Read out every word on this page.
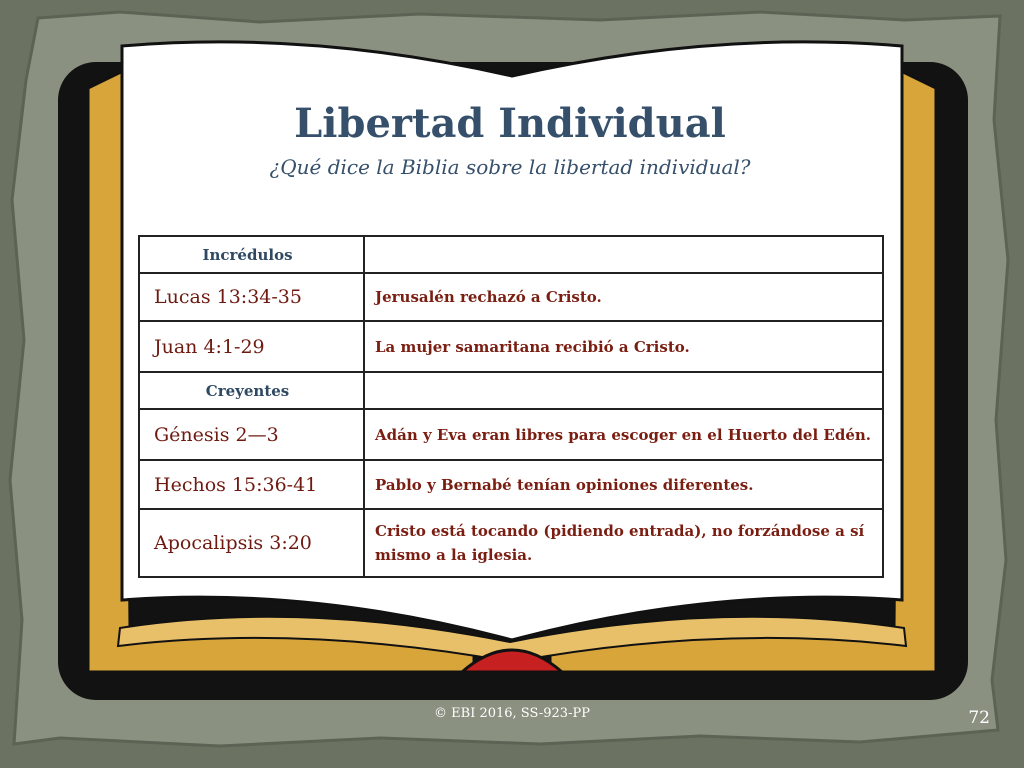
Libertad Individual

¿Qué dice la Biblia sobre la libertad individual?

Incrédulos	
Lucas 13:34-35	Jerusalén rechazó a Cristo.
Juan 4:1-29	La mujer samaritana recibió a Cristo.
Creyentes	
Génesis 2—3	Adán y Eva eran libres para escoger en el Huerto del Edén.
Hechos 15:36-41	Pablo y Bernabé tenían opiniones diferentes.
Apocalipsis 3:20	Cristo está tocando (pidiendo entrada), no forzándose a sí mismo a la iglesia.
© EBI 2016, SS-923-PP	72
